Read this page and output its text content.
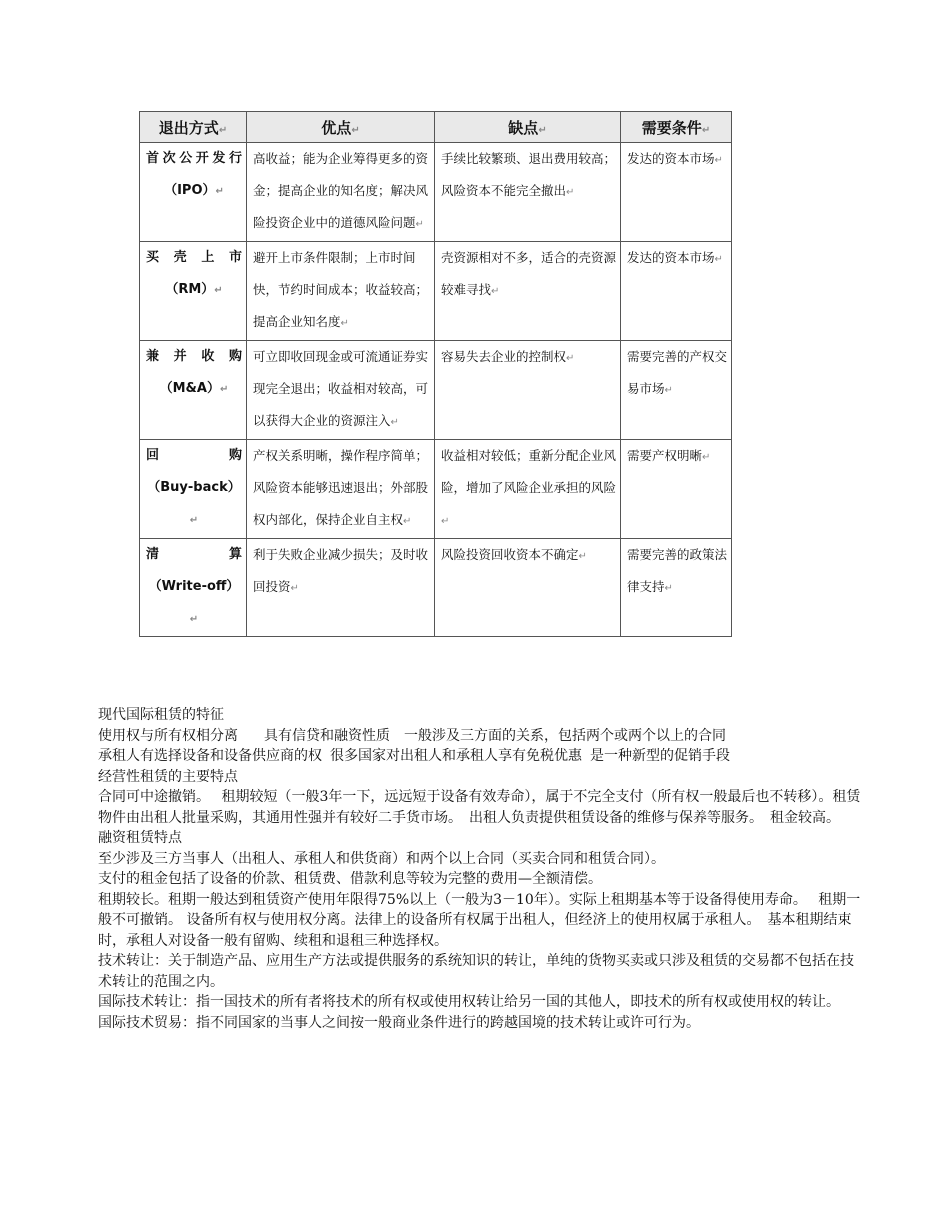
退出方式↵	优点↵	缺点↵	需要条件↵

首次公开发行
（IPO）↵	高收益；能为企业筹得更多的资金；提高企业的知名度；解决风险投资企业中的道德风险问题↵	手续比较繁琐、退出费用较高；风险资本不能完全撤出↵	发达的资本市场↵

买壳上市
（RM）↵	避开上市条件限制；上市时间快，节约时间成本；收益较高；提高企业知名度↵	壳资源相对不多，适合的壳资源较难寻找↵	发达的资本市场↵

兼并收购
（M&A）↵	可立即收回现金或可流通证券实现完全退出；收益相对较高，可以获得大企业的资源注入↵	容易失去企业的控制权↵	需要完善的产权交易市场↵

回购
（Buy-back）↵	产权关系明晰，操作程序简单；风险资本能够迅速退出；外部股权内部化，保持企业自主权↵	收益相对较低；重新分配企业风险，增加了风险企业承担的风险↵	需要产权明晰↵

清算
（Write-off）↵	利于失败企业减少损失；及时收回投资↵	风险投资回收资本不确定↵	需要完善的政策法律支持↵

现代国际租赁的特征

使用权与所有权相分离 具有信贷和融资性质 一般涉及三方面的关系，包括两个或两个以上的合同

承租人有选择设备和设备供应商的权 很多国家对出租人和承租人享有免税优惠 是一种新型的促销手段

经营性租赁的主要特点

合同可中途撤销。　 租期较短（一般3年一下，远远短于设备有效寿命），属于不完全支付（所有权一般最后也不转移）。租赁物件由出租人批量采购，其通用性强并有较好二手货市场。　出租人负责提供租赁设备的维修与保养等服务。　租金较高。

融资租赁特点

至少涉及三方当事人（出租人、承租人和供货商）和两个以上合同（买卖合同和租赁合同）。

支付的租金包括了设备的价款、租赁费、借款利息等较为完整的费用—全额清偿。

租期较长。租期一般达到租赁资产使用年限得75%以上（一般为3－10年）。实际上租期基本等于设备得使用寿命。　 租期一般不可撤销。 设备所有权与使用权分离。法律上的设备所有权属于出租人，但经济上的使用权属于承租人。　基本租期结束时，承租人对设备一般有留购、续租和退租三种选择权。

技术转让：关于制造产品、应用生产方法或提供服务的系统知识的转让，单纯的货物买卖或只涉及租赁的交易都不包括在技术转让的范围之内。

国际技术转让：指一国技术的所有者将技术的所有权或使用权转让给另一国的其他人，即技术的所有权或使用权的转让。

国际技术贸易：指不同国家的当事人之间按一般商业条件进行的跨越国境的技术转让或许可行为。
